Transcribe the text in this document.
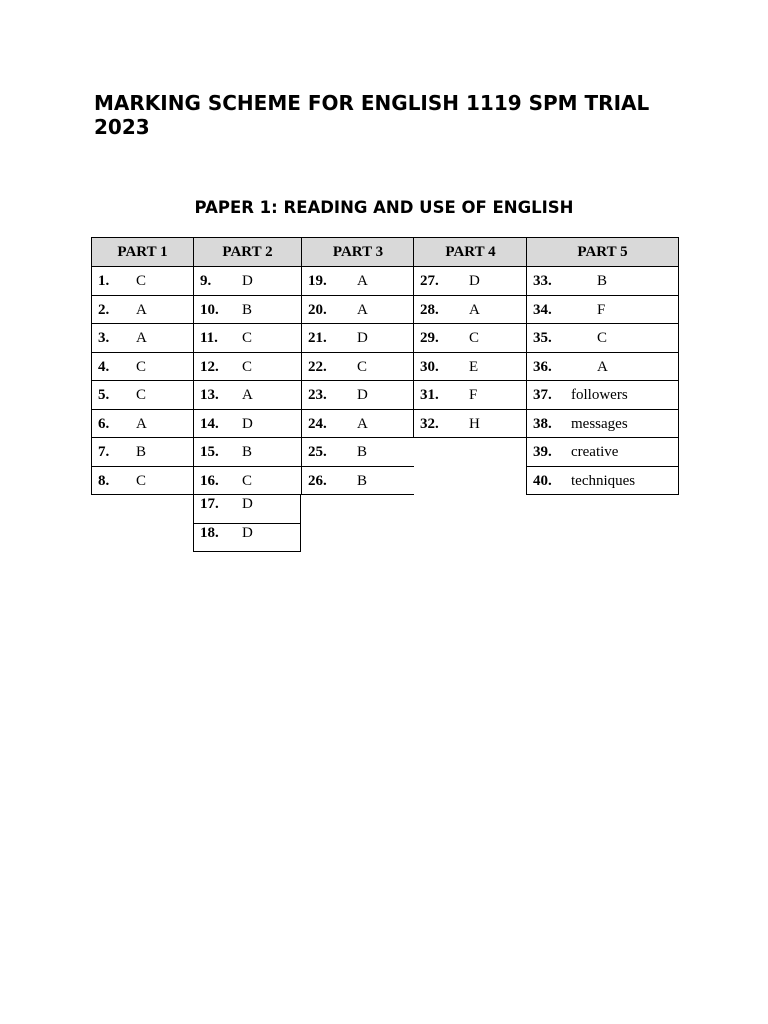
MARKING SCHEME FOR ENGLISH 1119 SPM TRIAL 2023
PAPER 1: READING AND USE OF ENGLISH
PART 1
1. C
2. A
3. A
4. C
5. C
6. A
7. B
8. C
PART 2
9. D
10. B
11. C
12. C
13. A
14. D
15. B
16. C
17. D
18. D
PART 3
19. A
20. A
21. D
22. C
23. D
24. A
25. B
26. B
PART 4
27. D
28. A
29. C
30. E
31. F
32. H
PART 5
33.	B
34.	F
35.	C
36.	A
37. followers
38. messages
39. creative
40. techniques
